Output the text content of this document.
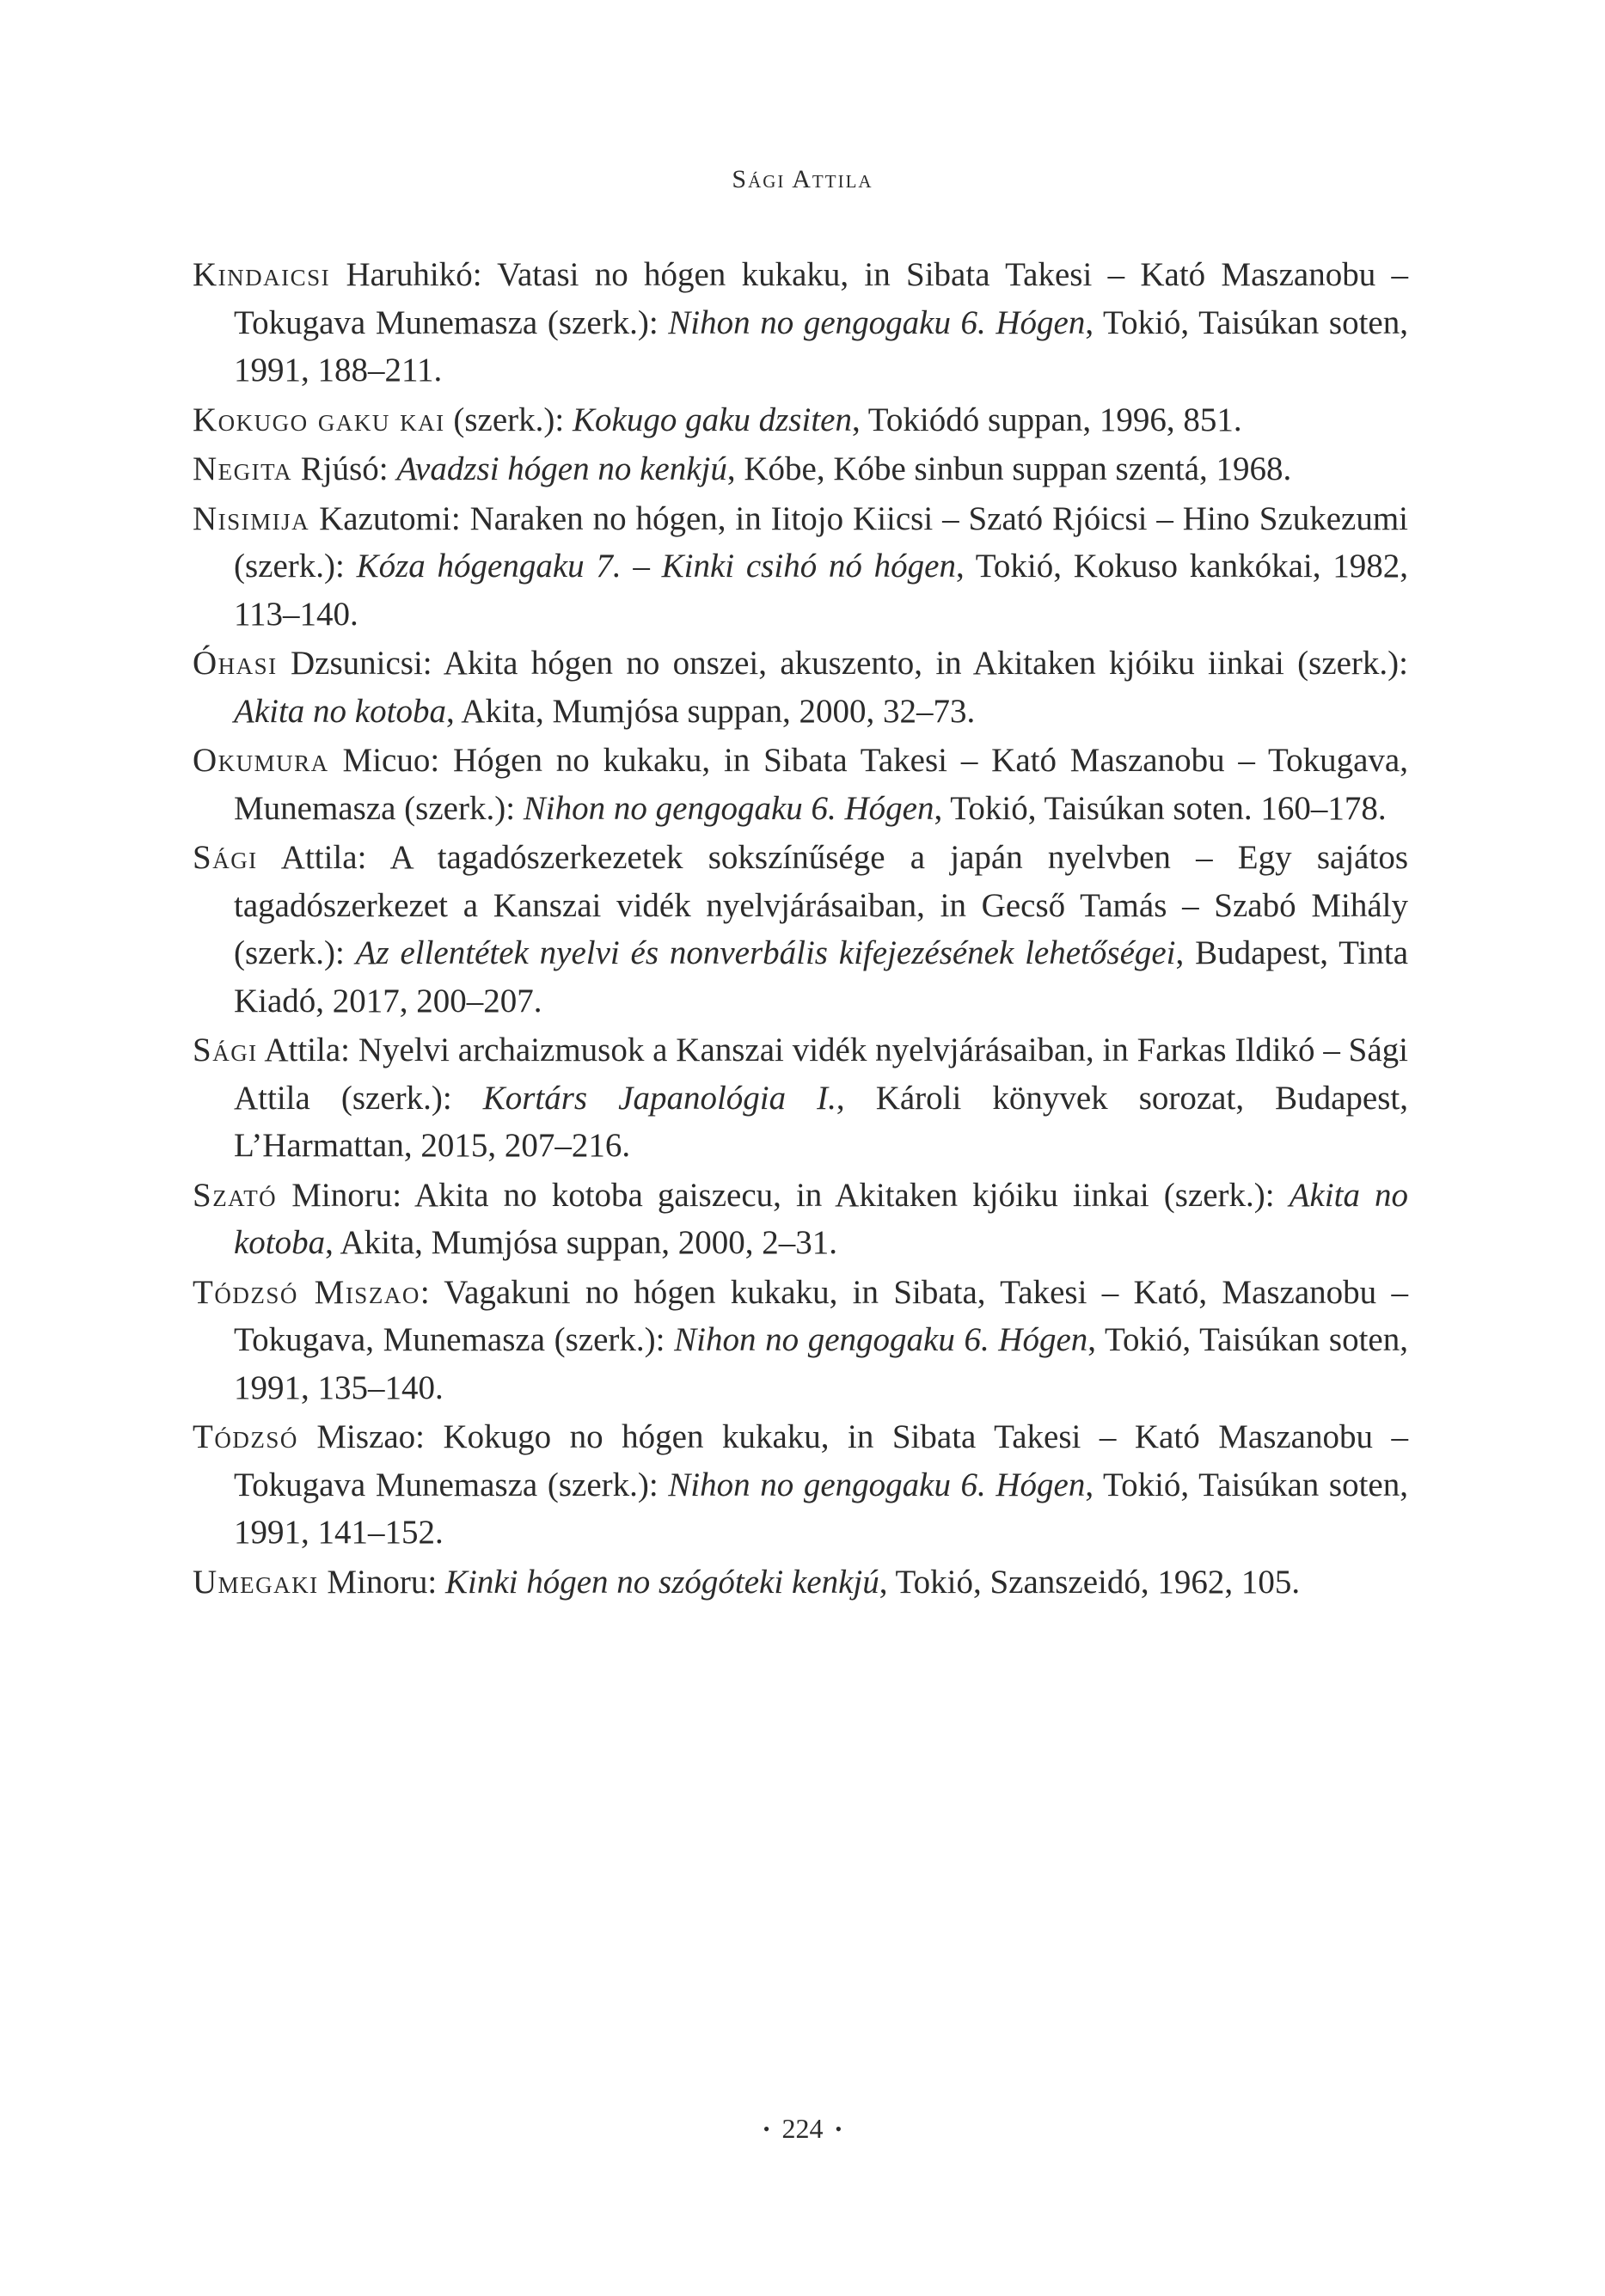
Sági Attila
Kindaicsi Haruhikó: Vatasi no hógen kukaku, in Sibata Takesi – Kató Maszanobu – Tokugava Munemasza (szerk.): Nihon no gengogaku 6. Hógen, Tokió, Taisúkan soten, 1991, 188–211.
Kokugo gaku kai (szerk.): Kokugo gaku dzsiten, Tokiódó suppan, 1996, 851.
Negita Rjúsó: Avadzsi hógen no kenkjú, Kóbe, Kóbe sinbun suppan szentá, 1968.
Nisimija Kazutomi: Naraken no hógen, in Iitojo Kiicsi – Szató Rjóicsi – Hino Szukezumi (szerk.): Kóza hógengaku 7. – Kinki csihó nó hógen, Tokió, Kokuso kankókai, 1982, 113–140.
Óhasi Dzsunicsi: Akita hógen no onszei, akuszento, in Akitaken kjóiku iinkai (szerk.): Akita no kotoba, Akita, Mumjósa suppan, 2000, 32–73.
Okumura Micuo: Hógen no kukaku, in Sibata Takesi – Kató Maszanobu – Tokugava, Munemasza (szerk.): Nihon no gengogaku 6. Hógen, Tokió, Taisúkan soten. 160–178.
Sági Attila: A tagadószerkezetek sokszínűsége a japán nyelvben – Egy sajátos tagadószerkezet a Kanszai vidék nyelvjárásaiban, in Gecső Tamás – Szabó Mihály (szerk.): Az ellentétek nyelvi és nonverbális kifejezésének lehetőségei, Budapest, Tinta Kiadó, 2017, 200–207.
Sági Attila: Nyelvi archaizmusok a Kanszai vidék nyelvjárásaiban, in Farkas Ildikó – Sági Attila (szerk.): Kortárs Japanológia I., Károli könyvek sorozat, Budapest, L’Harmattan, 2015, 207–216.
Szató Minoru: Akita no kotoba gaiszecu, in Akitaken kjóiku iinkai (szerk.): Akita no kotoba, Akita, Mumjósa suppan, 2000, 2–31.
Tódzsó Miszao: Vagakuni no hógen kukaku, in Sibata, Takesi – Kató, Maszanobu – Tokugava, Munemasza (szerk.): Nihon no gengogaku 6. Hógen, Tokió, Taisúkan soten, 1991, 135–140.
Tódzsó Miszao: Kokugo no hógen kukaku, in Sibata Takesi – Kató Maszanobu – Tokugava Munemasza (szerk.): Nihon no gengogaku 6. Hógen, Tokió, Taisúkan soten, 1991, 141–152.
Umegaki Minoru: Kinki hógen no szógóteki kenkjú, Tokió, Szanszeidó, 1962, 105.
• 224 •
